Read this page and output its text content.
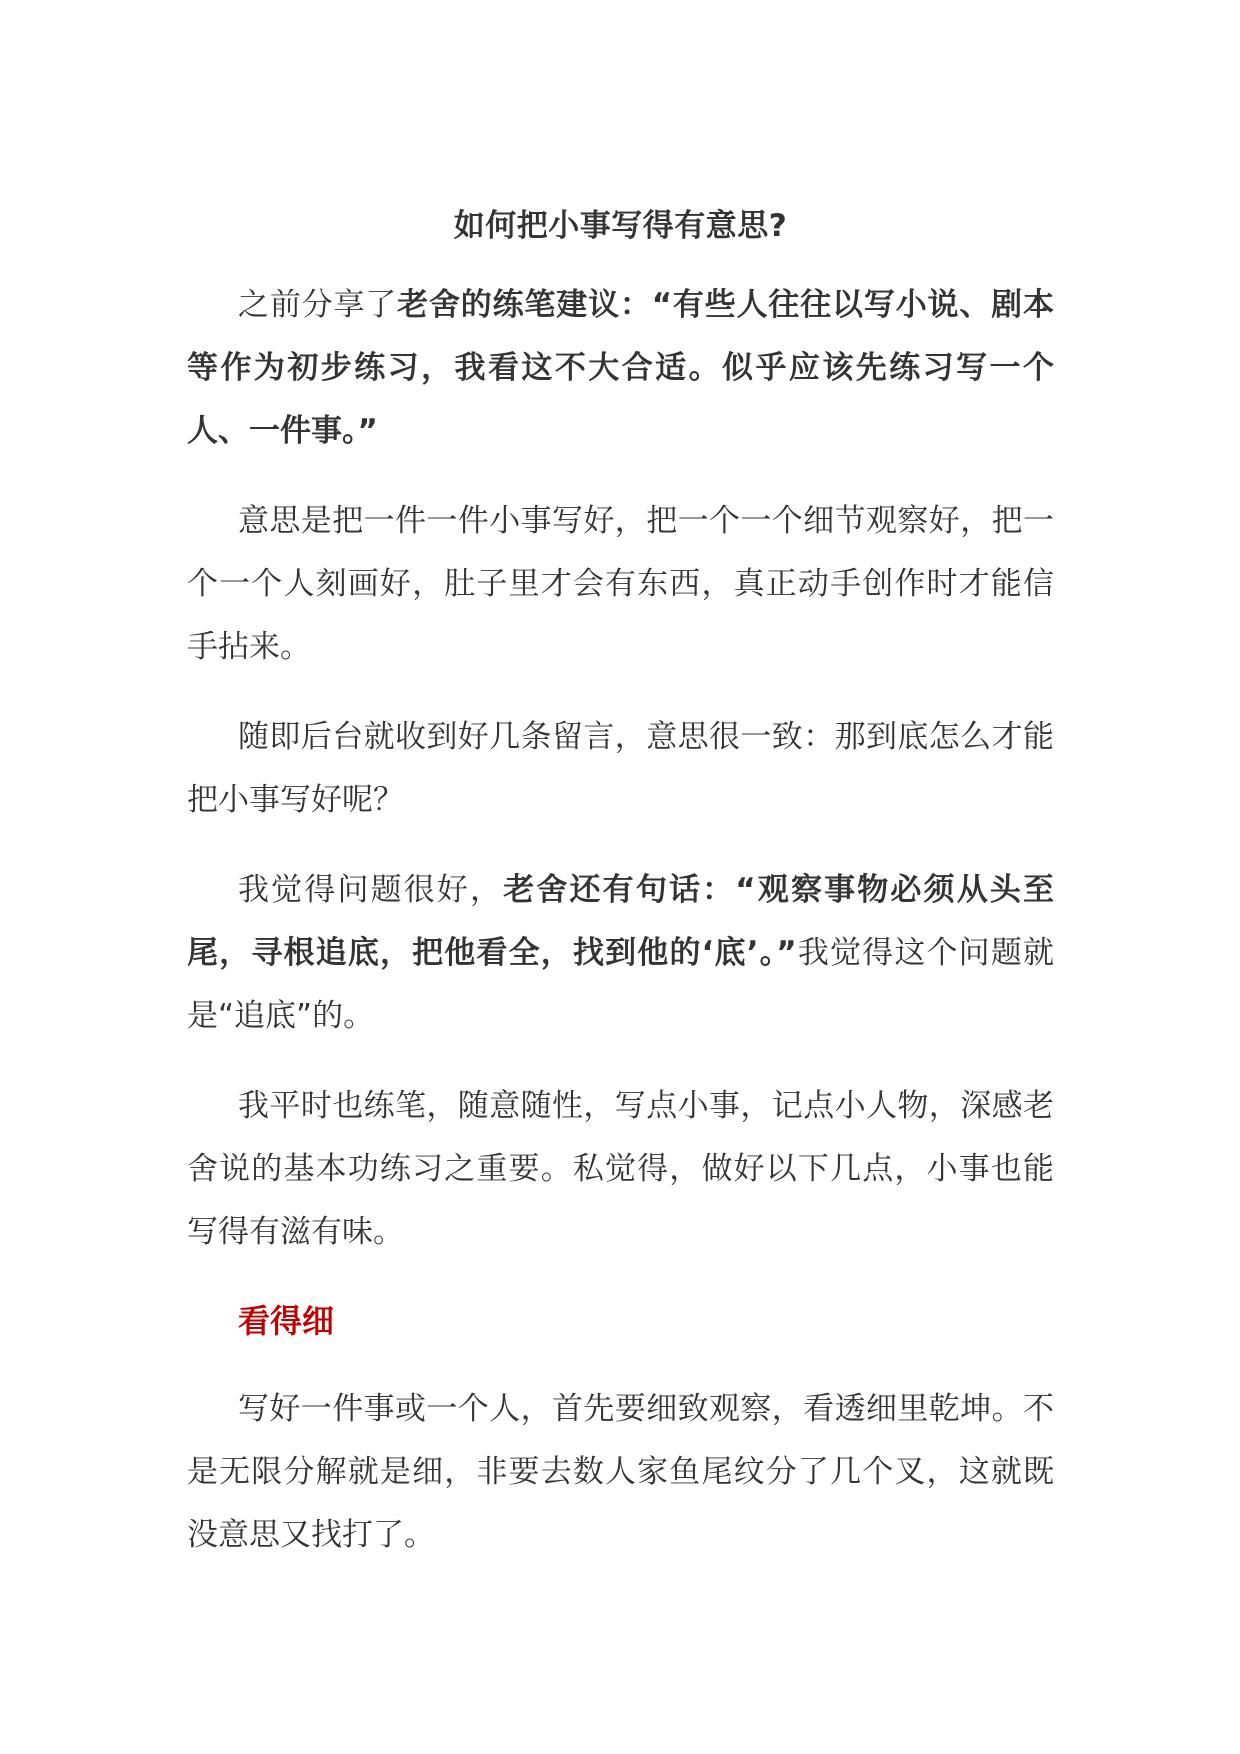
如何把小事写得有意思?

之前分享了老舍的练笔建议：“有些人往往以写小说、剧本等作为初步练习，我看这不大合适。似乎应该先练习写一个人、一件事。”

意思是把一件一件小事写好，把一个一个细节观察好，把一个一个人刻画好，肚子里才会有东西，真正动手创作时才能信手拈来。

随即后台就收到好几条留言，意思很一致：那到底怎么才能把小事写好呢？

我觉得问题很好，老舍还有句话：“观察事物必须从头至尾，寻根追底，把他看全，找到他的‘底’。”我觉得这个问题就是“追底”的。

我平时也练笔，随意随性，写点小事，记点小人物，深感老舍说的基本功练习之重要。私觉得，做好以下几点，小事也能写得有滋有味。

看得细

写好一件事或一个人，首先要细致观察，看透细里乾坤。不是无限分解就是细，非要去数人家鱼尾纹分了几个叉，这就既没意思又找打了。
